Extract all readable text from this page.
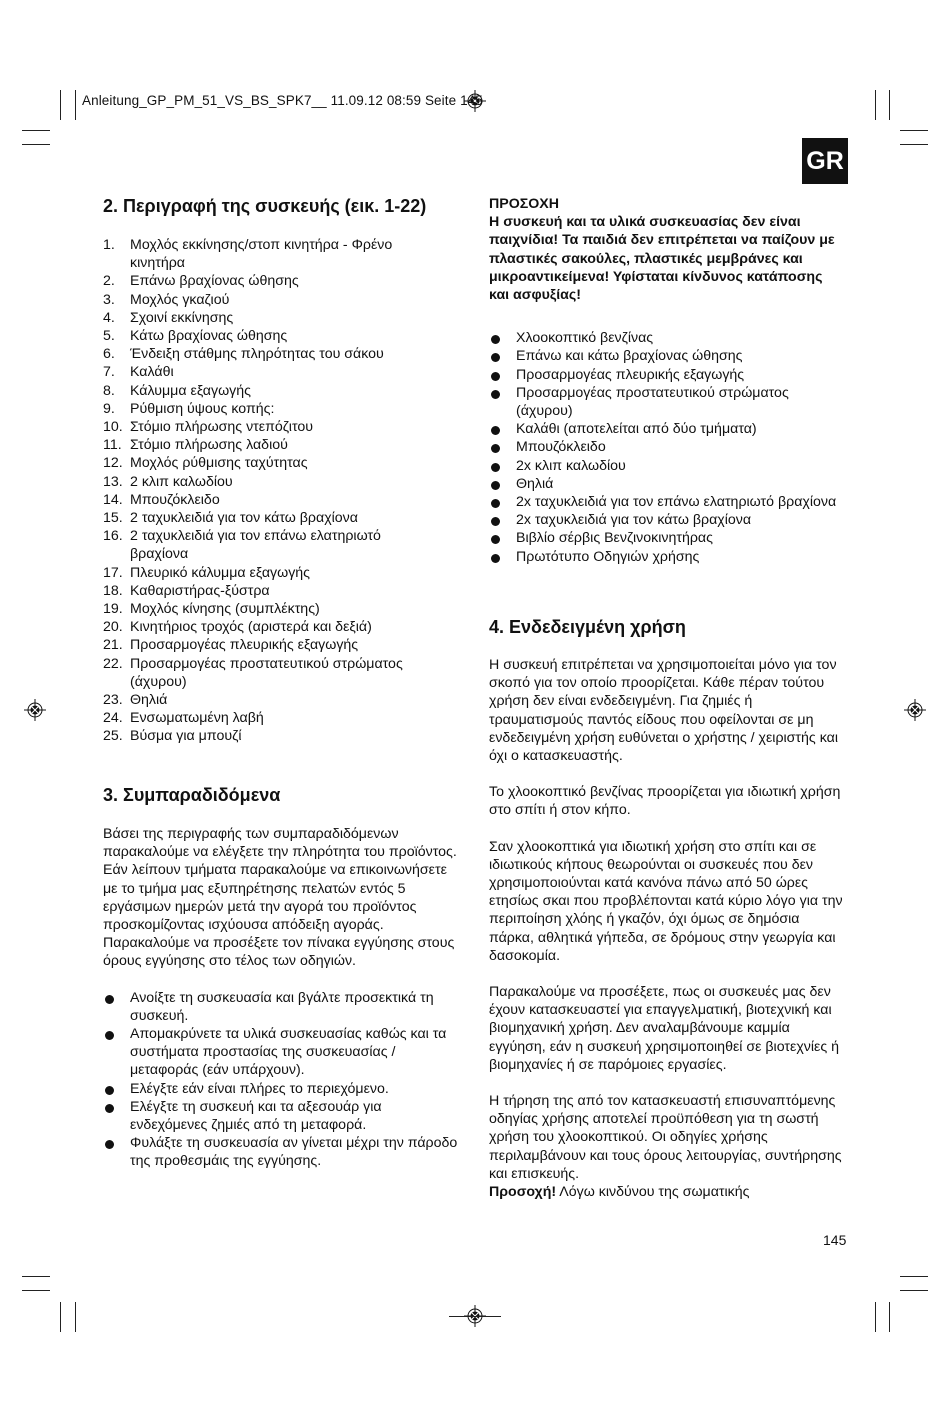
Anleitung_GP_PM_51_VS_BS_SPK7__ 11.09.12 08:59 Seite 145
GR
2. Περιγραφή της συσκευής (εικ. 1-22)
1. Μοχλός εκκίνησης/στοπ κινητήρα - Φρένο κινητήρα
2. Επάνω βραχίονας ώθησης
3. Μοχλός γκαζιού
4. Σχοινί εκκίνησης
5. Κάτω βραχίονας ώθησης
6. Ένδειξη στάθμης πληρότητας του σάκου
7. Καλάθι
8. Κάλυμμα εξαγωγής
9. Ρύθμιση ύψους κοπής:
10. Στόμιο πλήρωσης ντεπόζιτου
11. Στόμιο πλήρωσης λαδιού
12. Μοχλός ρύθμισης ταχύτητας
13. 2 κλιπ καλωδίου
14. Μπουζόκλειδο
15. 2 ταχυκλειδιά για τον κάτω βραχίονα
16. 2 ταχυκλειδιά για τον επάνω ελατηριωτό βραχίονα
17. Πλευρικό κάλυμμα εξαγωγής
18. Καθαριστήρας-ξύστρα
19. Μοχλός κίνησης (συμπλέκτης)
20. Κινητήριος τροχός (αριστερά και δεξιά)
21. Προσαρμογέας πλευρικής εξαγωγής
22. Προσαρμογέας προστατευτικού στρώματος (άχυρου)
23. Θηλιά
24. Ενσωματωμένη λαβή
25. Βύσμα για μπουζί
3. Συμπαραδιδόμενα

Βάσει της περιγραφής των συμπαραδιδόμενων παρακαλούμε να ελέγξετε την πληρότητα του προϊόντος. Εάν λείπουν τμήματα παρακαλούμε να επικοινωνήσετε με το τμήμα μας εξυπηρέτησης πελατών εντός 5 εργάσιμων ημερών μετά την αγορά του προϊόντος προσκομίζοντας ισχύουσα απόδειξη αγοράς. Παρακαλούμε να προσέξετε τον πίνακα εγγύησης στους όρους εγγύησης στο τέλος των οδηγιών.

Ανοίξτε τη συσκευασία και βγάλτε προσεκτικά τη συσκευή.
Απομακρύνετε τα υλικά συσκευασίας καθώς και τα συστήματα προστασίας της συσκευασίας / μεταφοράς (εάν υπάρχουν).
Ελέγξτε εάν είναι πλήρες το περιεχόμενο.
Ελέγξτε τη συσκευή και τα αξεσουάρ για ενδεχόμενες ζημιές από τη μεταφορά.
Φυλάξτε τη συσκευασία αν γίνεται μέχρι την πάροδο της προθεσμάις της εγγύησης.

ΠΡΟΣΟΧΗ

Η συσκευή και τα υλικά συσκευασίας δεν είναι παιχνίδια! Τα παιδιά δεν επιτρέπεται να παίζουν με πλαστικές σακούλες, πλαστικές μεμβράνες και μικροαντικείμενα! Υφίσταται κίνδυνος κατάποσης και ασφυξίας!

Χλοοκοπτικό βενζίνας
Επάνω και κάτω βραχίονας ώθησης
Προσαρμογέας πλευρικής εξαγωγής
Προσαρμογέας προστατευτικού στρώματος (άχυρου)
Καλάθι (αποτελείται από δύο τμήματα)
Μπουζόκλειδο
2x κλιπ καλωδίου
Θηλιά
2x ταχυκλειδιά για τον επάνω ελατηριωτό βραχίονα
2x ταχυκλειδιά για τον κάτω βραχίονα
Βιβλίο σέρβις Βενζινοκινητήρας
Πρωτότυπο Οδηγιών χρήσης
4. Ενδεδειγμένη χρήση

Η συσκευή επιτρέπεται να χρησιμοποιείται μόνο για τον σκοπό για τον οποίο προορίζεται. Κάθε πέραν τούτου χρήση δεν είναι ενδεδειγμένη. Για ζημιές ή τραυματισμούς παντός είδους που οφείλονται σε μη ενδεδειγμένη χρήση ευθύνεται ο χρήστης / χειριστής και όχι ο κατασκευαστής.

Το χλοοκοπτικό βενζίνας προορίζεται για ιδιωτική χρήση στο σπίτι ή στον κήπο.

Σαν χλοοκοπτικά για ιδιωτική χρήση στο σπίτι και σε ιδιωτικούς κήπους θεωρούνται οι συσκευές που δεν χρησιμοποιούνται κατά κανόνα πάνω από 50 ώρες ετησίως σκαι που προβλέπονται κατά κύριο λόγο για την περιποίηση χλόης ή γκαζόν, όχι όμως σε δημόσια πάρκα, αθλητικά γήπεδα, σε δρόμους στην γεωργία και δασοκομία.

Παρακαλούμε να προσέξετε, πως οι συσκευές μας δεν έχουν κατασκευαστεί για επαγγελματική, βιοτεχνική και βιομηχανική χρήση. Δεν αναλαμβάνουμε καμμία εγγύηση, εάν η συσκευή χρησιμοποιηθεί σε βιοτεχνίες ή βιομηχανίες ή σε παρόμοιες εργασίες.

Η τήρηση της από τον κατασκευαστή επισυναπτόμενης οδηγίας χρήσης αποτελεί προϋπόθεση για τη σωστή χρήση του χλοοκοπτικού. Οι οδηγίες χρήσης περιλαμβάνουν και τους όρους λειτουργίας, συντήρησης και επισκευής.

Προσοχή! Λόγω κινδύνου της σωματικής

145
